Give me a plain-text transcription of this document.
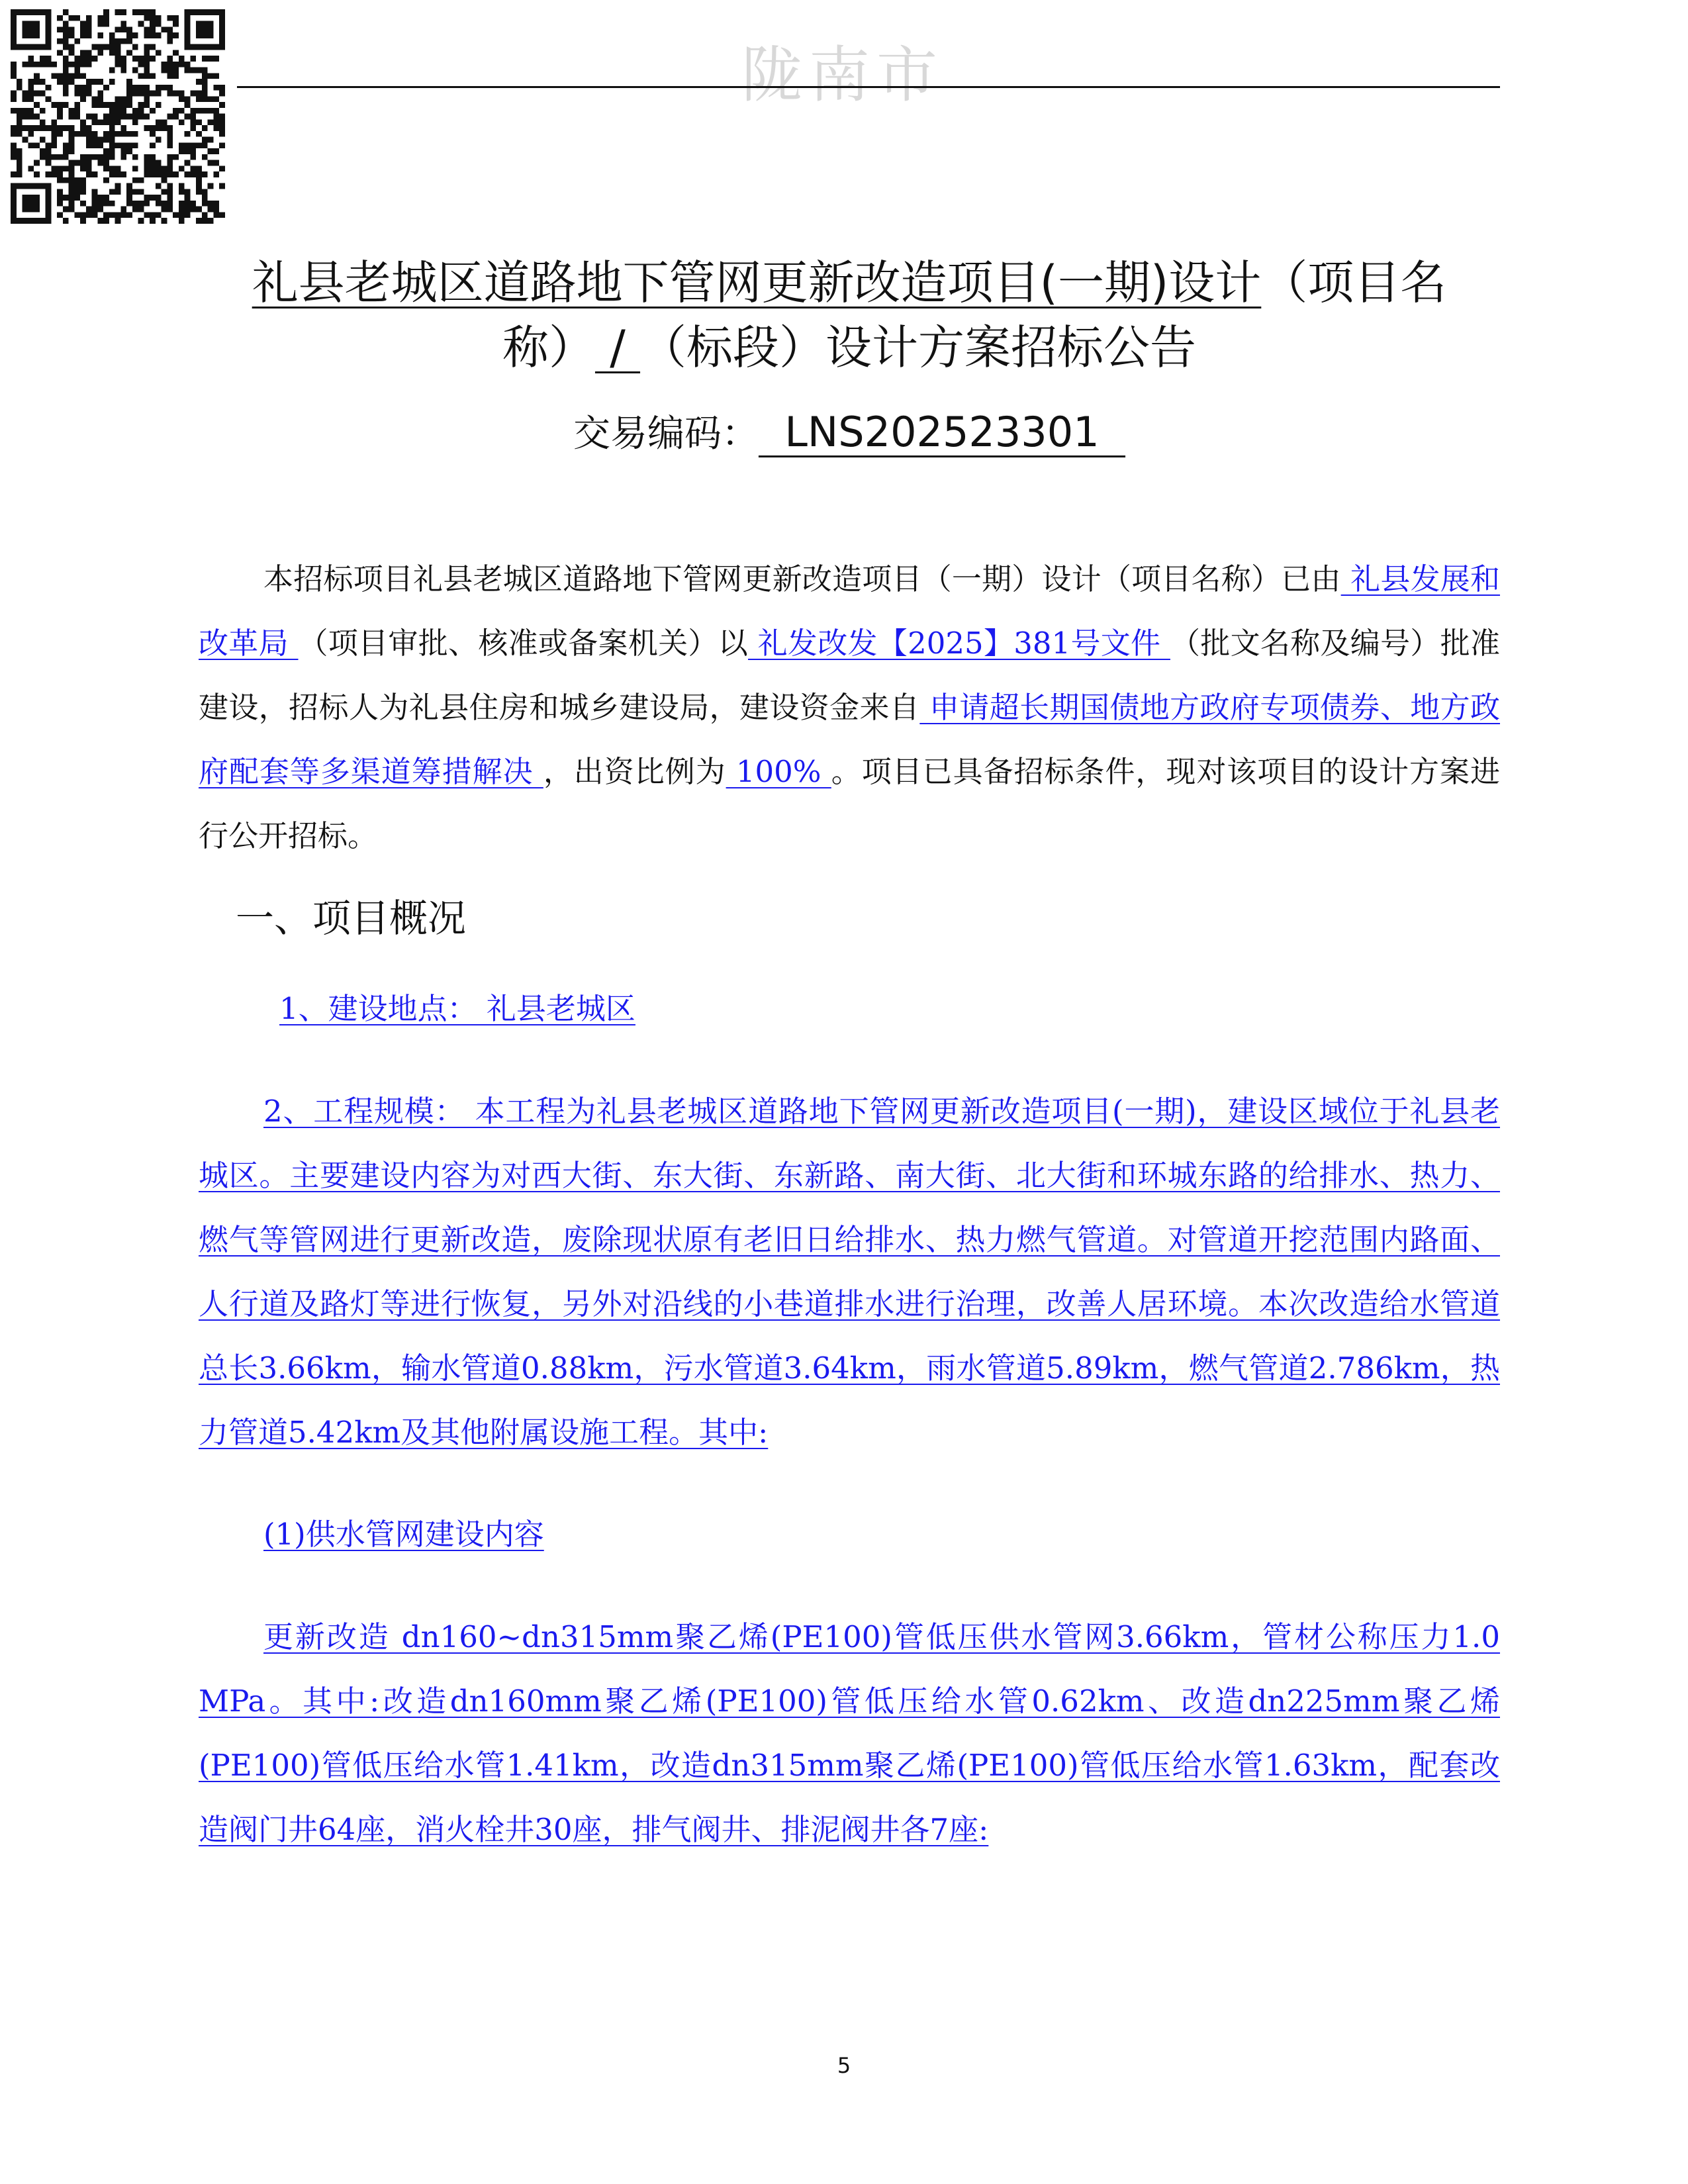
陇南市
礼县老城区道路地下管网更新改造项目(一期)设计（项目名
称） / （标段）设计方案招标公告
交易编码：  LNS202523301
本招标项目礼县老城区道路地下管网更新改造项目（一期）设计（项目名称）已由 礼县发展和改革局 （项目审批、核准或备案机关）以 礼发改发【2025】381号文件 （批文名称及编号）批准建设，招标人为礼县住房和城乡建设局，建设资金来自 申请超长期国债地方政府专项债券、地方政府配套等多渠道筹措解决 ，出资比例为 100% 。项目已具备招标条件，现对该项目的设计方案进行公开招标。
一、项目概况
1、建设地点： 礼县老城区
2、工程规模： 本工程为礼县老城区道路地下管网更新改造项目(一期)，建设区域位于礼县老城区。主要建设内容为对西大街、东大街、东新路、南大街、北大街和环城东路的给排水、热力、燃气等管网进行更新改造，废除现状原有老旧日给排水、热力燃气管道。对管道开挖范围内路面、人行道及路灯等进行恢复，另外对沿线的小巷道排水进行治理，改善人居环境。本次改造给水管道总长3.66km，输水管道0.88km，污水管道3.64km，雨水管道5.89km，燃气管道2.786km，热力管道5.42km及其他附属设施工程。其中:
(1)供水管网建设内容
更新改造 dn160~dn315mm聚乙烯(PE100)管低压供水管网3.66km，管材公称压力1.0 MPa。其中:改造dn160mm聚乙烯(PE100)管低压给水管0.62km、改造dn225mm聚乙烯(PE100)管低压给水管1.41km，改造dn315mm聚乙烯(PE100)管低压给水管1.63km，配套改造阀门井64座，消火栓井30座，排气阀井、排泥阀井各7座:
5
